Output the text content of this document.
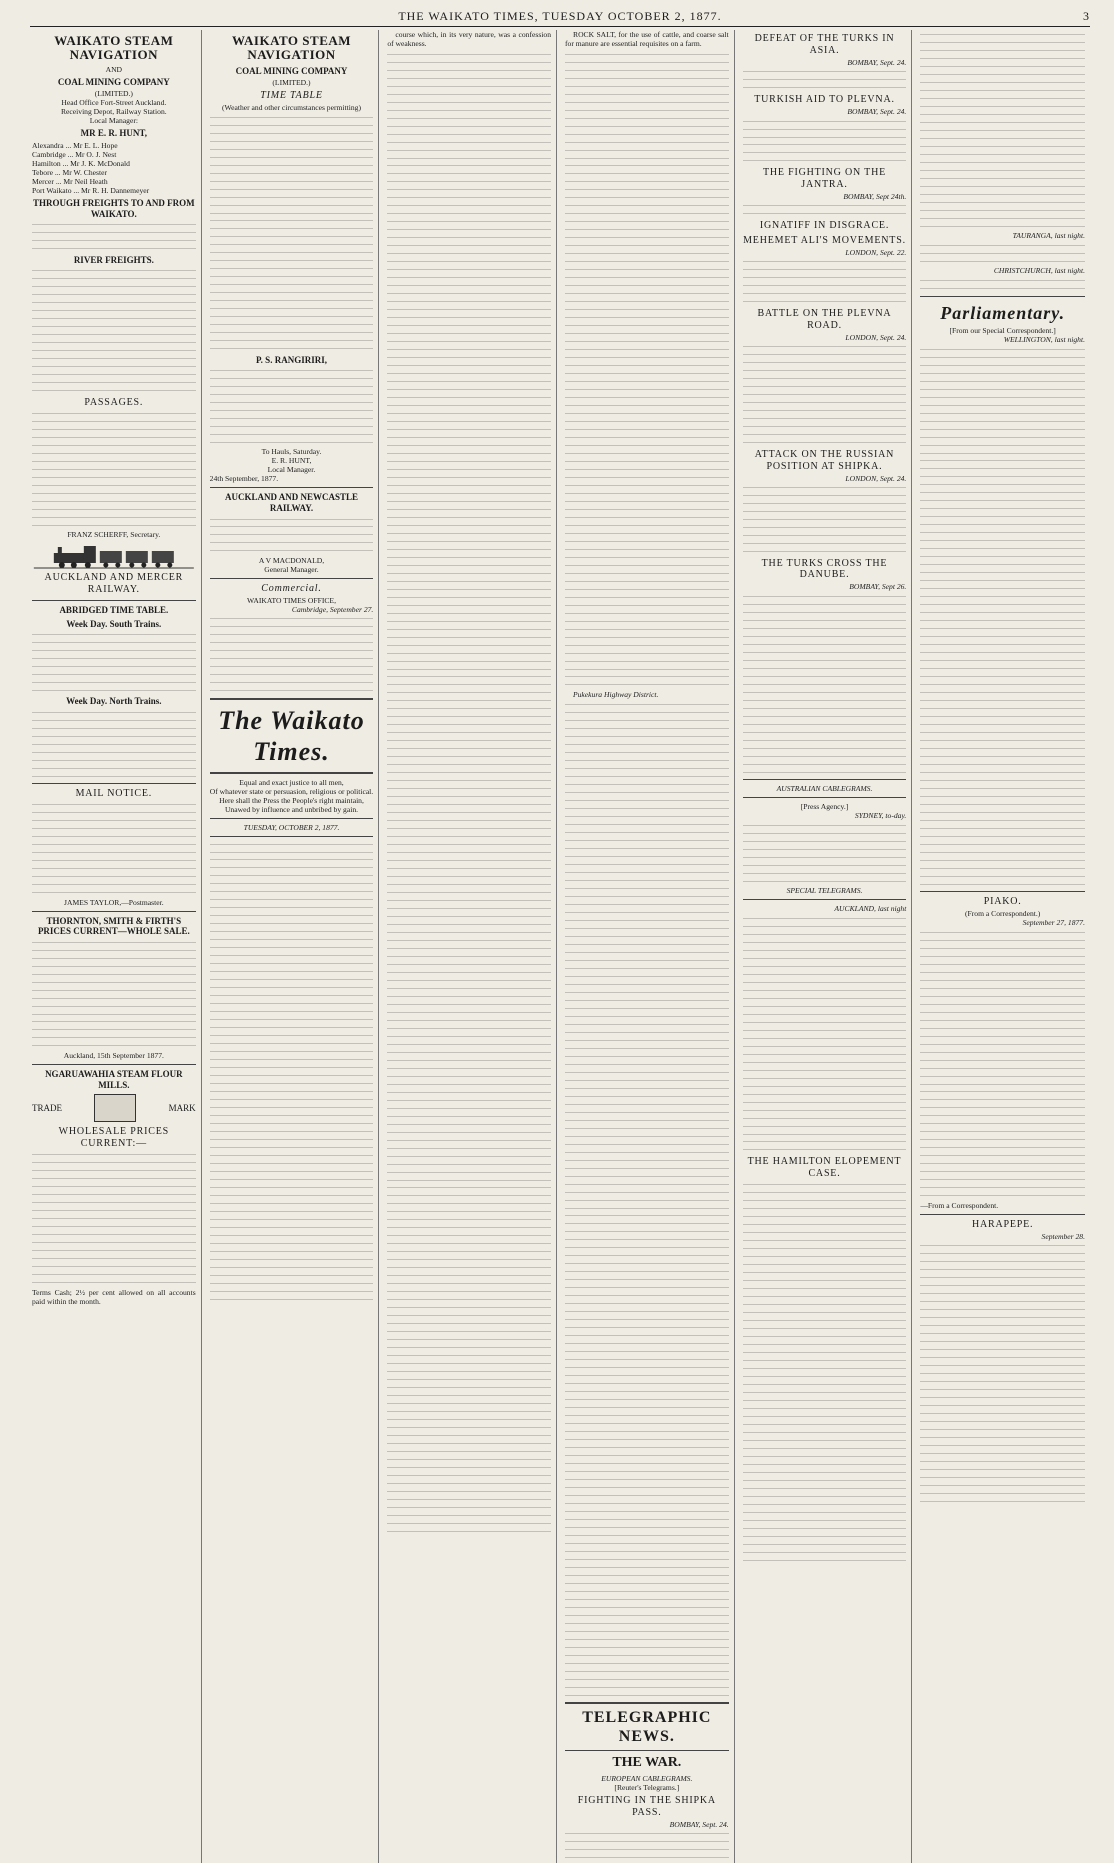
THE WAIKATO TIMES, TUESDAY OCTOBER 2, 1877.	3
WAIKATO STEAM NAVIGATION
AND
COAL MINING COMPANY
(LIMITED.)
Head Office Fort-Street Auckland.
Receiving Depot, Railway Station.
Local Manager:
MR E. R. HUNT,
Alexandra ... Mr E. L. Hope
Cambridge ... Mr O. J. Nest
Hamilton ... Mr J. K. McDonald
Tebore ... Mr W. Chester
Mercer ... Mr Neil Heath
Port Waikato ... Mr R. H. Dannemeyer
THROUGH FREIGHTS TO AND FROM WAIKATO.
RIVER FREIGHTS.
PASSAGES.
FRANZ SCHERFF, Secretary.
AUCKLAND AND MERCER RAILWAY.
ABRIDGED TIME TABLE.
Week Day. South Trains.
Week Day. North Trains.
MAIL NOTICE.
JAMES TAYLOR,—Postmaster.
THORNTON, SMITH & FIRTH'S PRICES CURRENT—WHOLE SALE.
Auckland, 15th September 1877.
NGARUAWAHIA STEAM FLOUR MILLS.
TRADE	MARK
WHOLESALE PRICES CURRENT:—
Terms Cash; 2½ per cent allowed on all accounts paid within the month.
WAIKATO STEAM NAVIGATION
COAL MINING COMPANY
(LIMITED.)
TIME TABLE
(Weather and other circumstances permitting)
P. S. RANGIRIRI,
To Hauls, Saturday.
E. R. HUNT,
Local Manager.
24th September, 1877.
AUCKLAND AND NEWCASTLE RAILWAY.
A V MACDONALD,
General Manager.
Commercial.
WAIKATO TIMES OFFICE,
Cambridge, September 27.
The Waikato Times.
Equal and exact justice to all men,
Of whatever state or persuasion, religious or political.
Here shall the Press the People's right maintain,
Unawed by influence and unbribed by gain.
TUESDAY, OCTOBER 2, 1877.
course which, in its very nature, was a confession of weakness.
ROCK SALT, for the use of cattle, and coarse salt for manure are essential requisites on a farm.
Pukekura Highway District.
TELEGRAPHIC NEWS.
THE WAR.
EUROPEAN CABLEGRAMS.
[Reuter's Telegrams.]
FIGHTING IN THE SHIPKA PASS.
BOMBAY, Sept. 24.
DEFEAT OF THE TURKS IN ASIA.
BOMBAY, Sept. 24.
TURKISH AID TO PLEVNA.
BOMBAY, Sept. 24.
THE FIGHTING ON THE JANTRA.
BOMBAY, Sept 24th.
IGNATIFF IN DISGRACE.
MEHEMET ALI'S MOVEMENTS.
LONDON, Sept. 22.
BATTLE ON THE PLEVNA ROAD.
LONDON, Sept. 24.
ATTACK ON THE RUSSIAN POSITION AT SHIPKA.
LONDON, Sept. 24.
THE TURKS CROSS THE DANUBE.
BOMBAY, Sept 26.
AUSTRALIAN CABLEGRAMS.
[Press Agency.]
SYDNEY, to-day.
SPECIAL TELEGRAMS.
AUCKLAND, last night
THE HAMILTON ELOPEMENT CASE.
TAURANGA, last night.
CHRISTCHURCH, last night.
Parliamentary.
[From our Special Correspondent.]
WELLINGTON, last night.
PIAKO.
(From a Correspondent.)
September 27, 1877.
—From a Correspondent.
HARAPEPE.
September 28.
